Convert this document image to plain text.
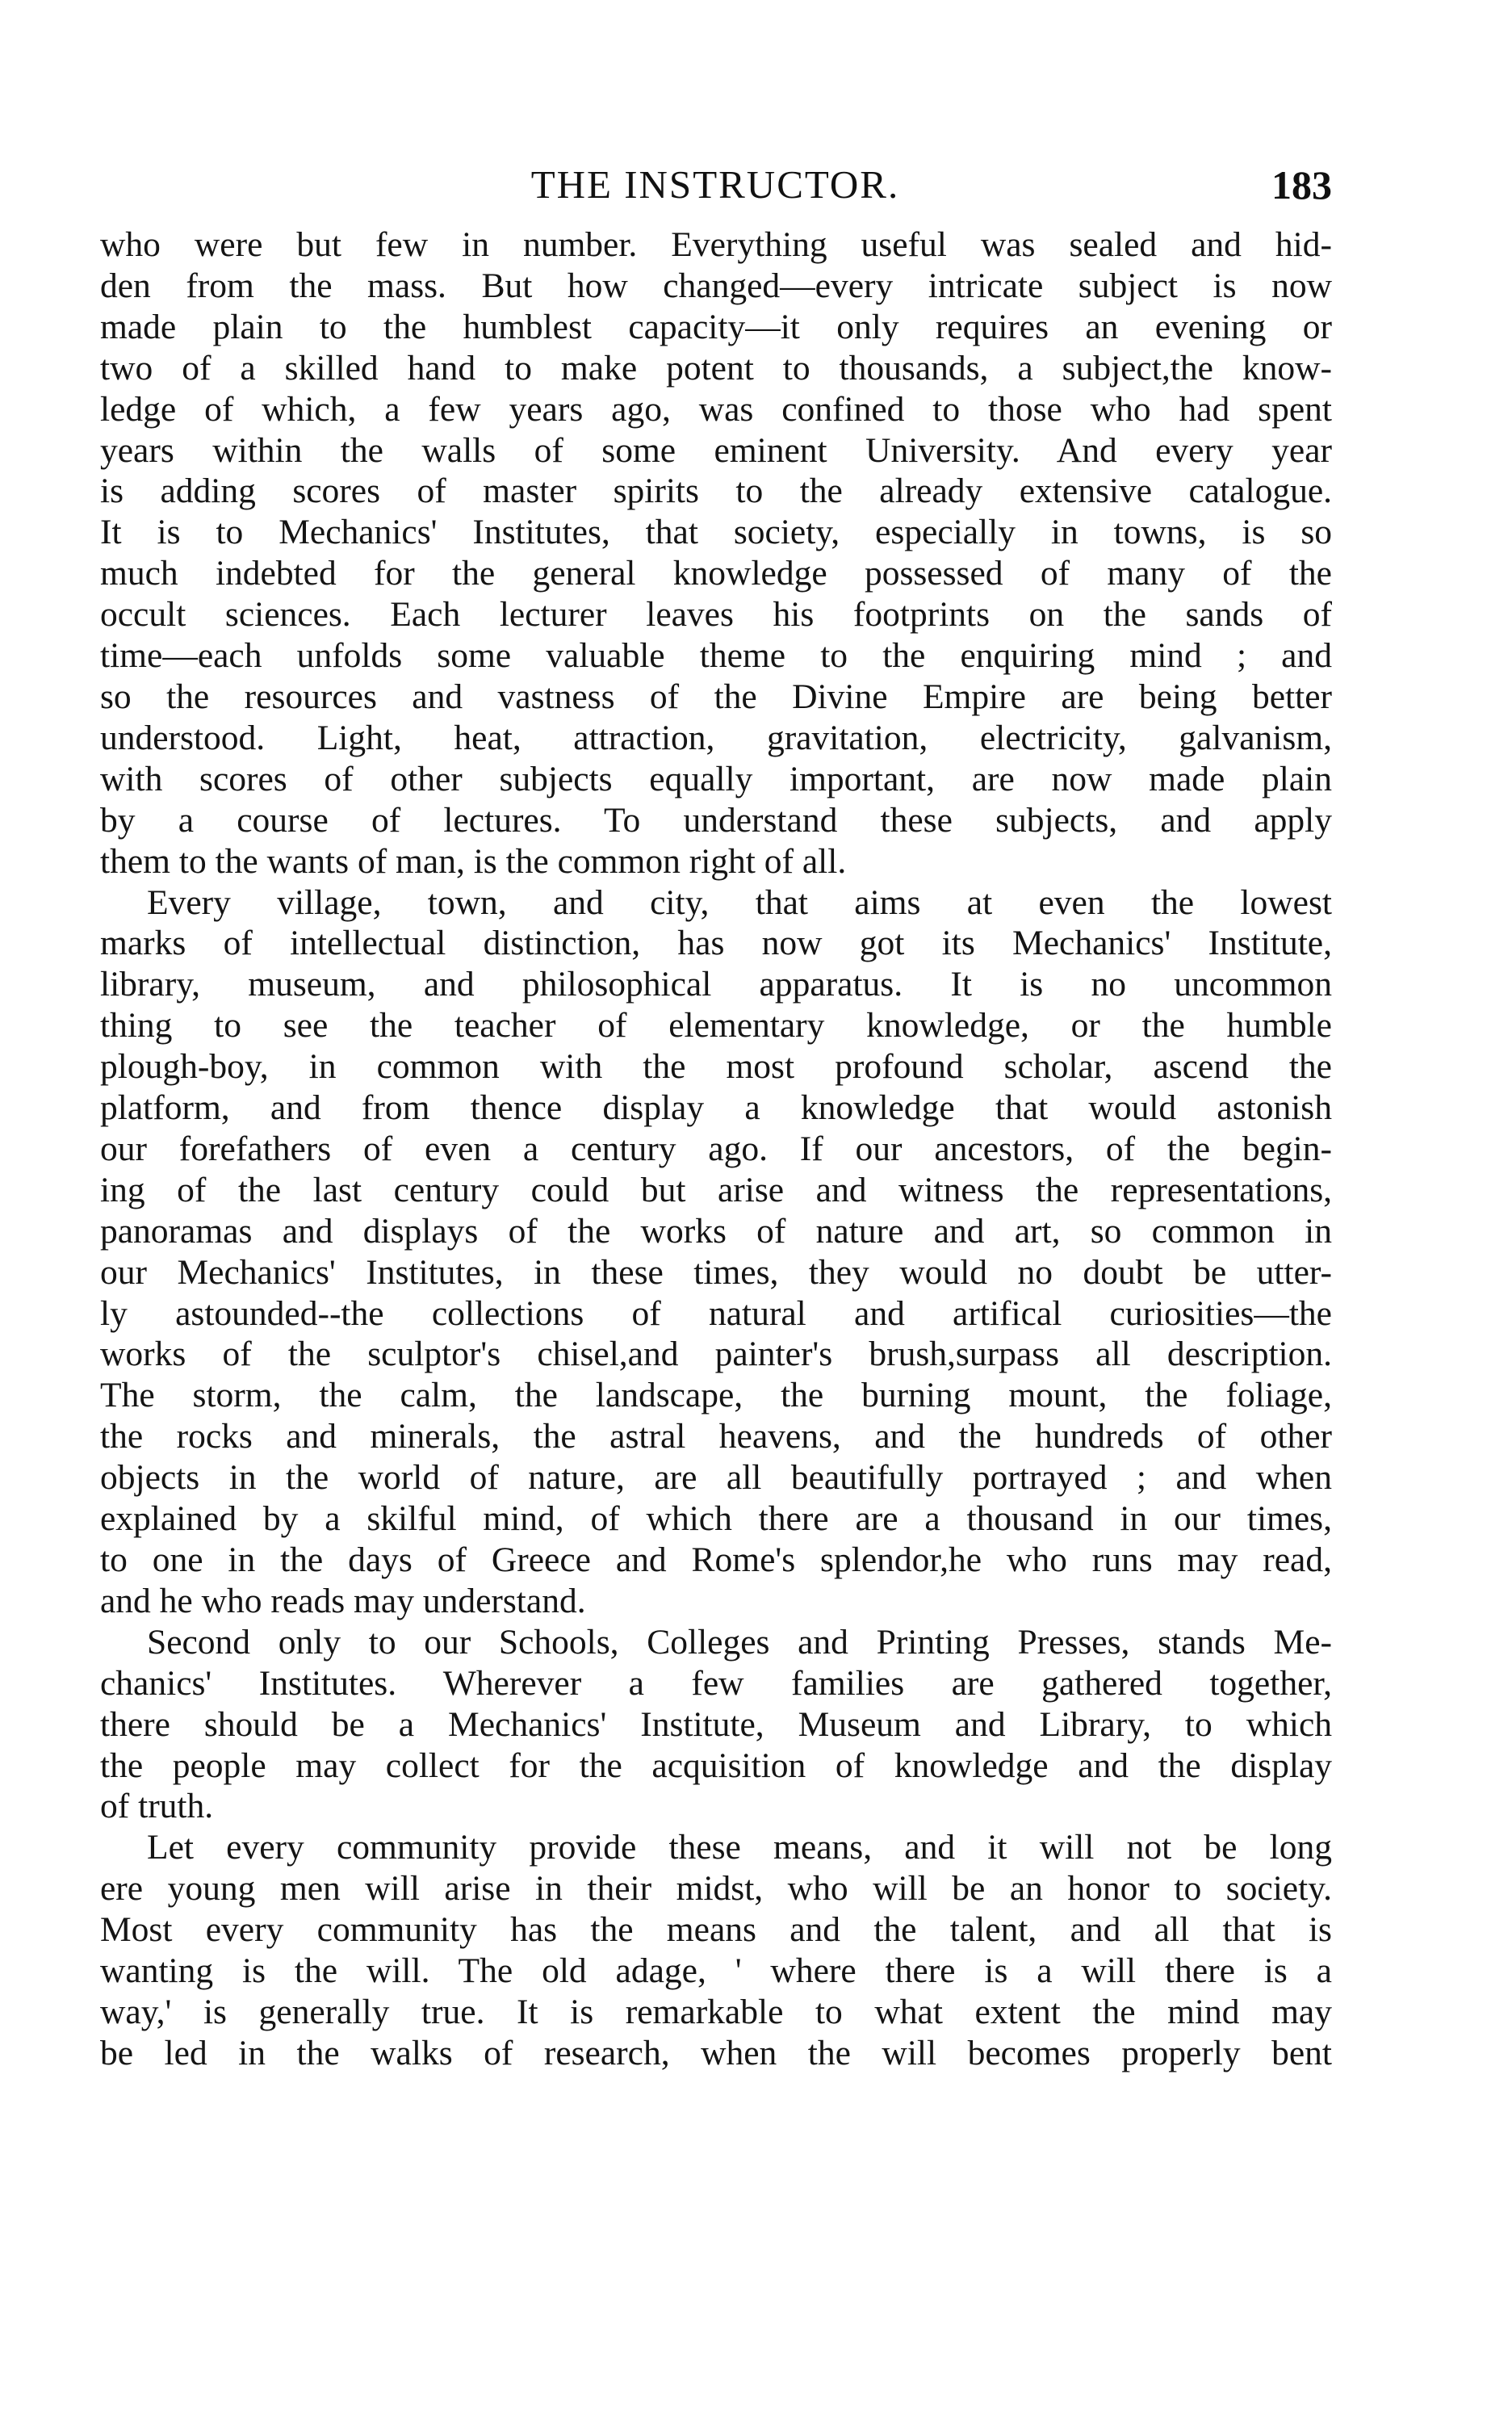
THE INSTRUCTOR.	183

who were but few in number. Everything useful was sealed and hid-
den from the mass. But how changed—every intricate subject is now
made plain to the humblest capacity—it only requires an evening or
two of a skilled hand to make potent to thousands, a subject,the know-
ledge of which, a few years ago, was confined to those who had spent
years within the walls of some eminent University. And every year
is adding scores of master spirits to the already extensive catalogue.
It is to Mechanics' Institutes, that society, especially in towns, is so
much indebted for the general knowledge possessed of many of the
occult sciences. Each lecturer leaves his footprints on the sands of
time—each unfolds some valuable theme to the enquiring mind ; and
so the resources and vastness of the Divine Empire are being better
understood. Light, heat, attraction, gravitation, electricity, galvanism,
with scores of other subjects equally important, are now made plain
by a course of lectures. To understand these subjects, and apply
them to the wants of man, is the common right of all.

Every village, town, and city, that aims at even the lowest
marks of intellectual distinction, has now got its Mechanics' Institute,
library, museum, and philosophical apparatus. It is no uncommon
thing to see the teacher of elementary knowledge, or the humble
plough-boy, in common with the most profound scholar, ascend the
platform, and from thence display a knowledge that would astonish
our forefathers of even a century ago. If our ancestors, of the begin-
ing of the last century could but arise and witness the representations,
panoramas and displays of the works of nature and art, so common in
our Mechanics' Institutes, in these times, they would no doubt be utter-
ly astounded--the collections of natural and artifical curiosities—the
works of the sculptor's chisel,and painter's brush,surpass all description.
The storm, the calm, the landscape, the burning mount, the foliage,
the rocks and minerals, the astral heavens, and the hundreds of other
objects in the world of nature, are all beautifully portrayed ; and when
explained by a skilful mind, of which there are a thousand in our times,
to one in the days of Greece and Rome's splendor,he who runs may read,
and he who reads may understand.

Second only to our Schools, Colleges and Printing Presses, stands Me-
chanics' Institutes. Wherever a few families are gathered together,
there should be a Mechanics' Institute, Museum and Library, to which
the people may collect for the acquisition of knowledge and the display
of truth.

Let every community provide these means, and it will not be long
ere young men will arise in their midst, who will be an honor to society.
Most every community has the means and the talent, and all that is
wanting is the will. The old adage, ' where there is a will there is a
way,' is generally true. It is remarkable to what extent the mind may
be led in the walks of research, when the will becomes properly bent
